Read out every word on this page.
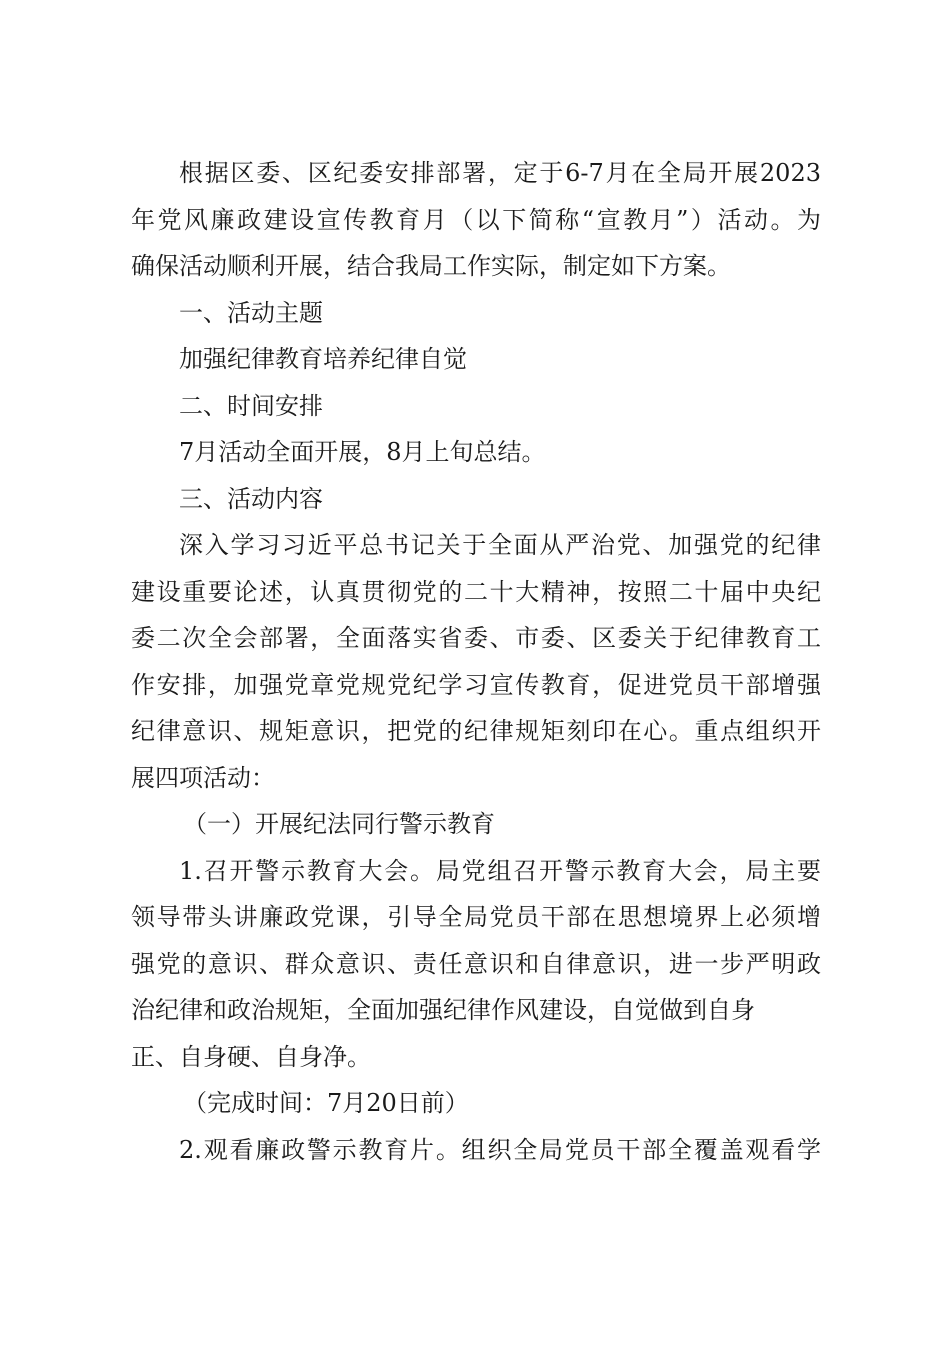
根据区委、区纪委安排部署，定于6-7月在全局开展2023
年党风廉政建设宣传教育月（以下简称“宣教月”）活动。为
确保活动顺利开展，结合我局工作实际，制定如下方案。
一、活动主题
加强纪律教育培养纪律自觉
二、时间安排
7月活动全面开展，8月上旬总结。
三、活动内容
深入学习习近平总书记关于全面从严治党、加强党的纪律
建设重要论述，认真贯彻党的二十大精神，按照二十届中央纪
委二次全会部署，全面落实省委、市委、区委关于纪律教育工
作安排，加强党章党规党纪学习宣传教育，促进党员干部增强
纪律意识、规矩意识，把党的纪律规矩刻印在心。重点组织开
展四项活动：
（一）开展纪法同行警示教育
1.召开警示教育大会。局党组召开警示教育大会，局主要
领导带头讲廉政党课，引导全局党员干部在思想境界上必须增
强党的意识、群众意识、责任意识和自律意识，进一步严明政
治纪律和政治规矩，全面加强纪律作风建设，自觉做到自身
正、自身硬、自身净。
（完成时间：7月20日前）
2.观看廉政警示教育片。组织全局党员干部全覆盖观看学
